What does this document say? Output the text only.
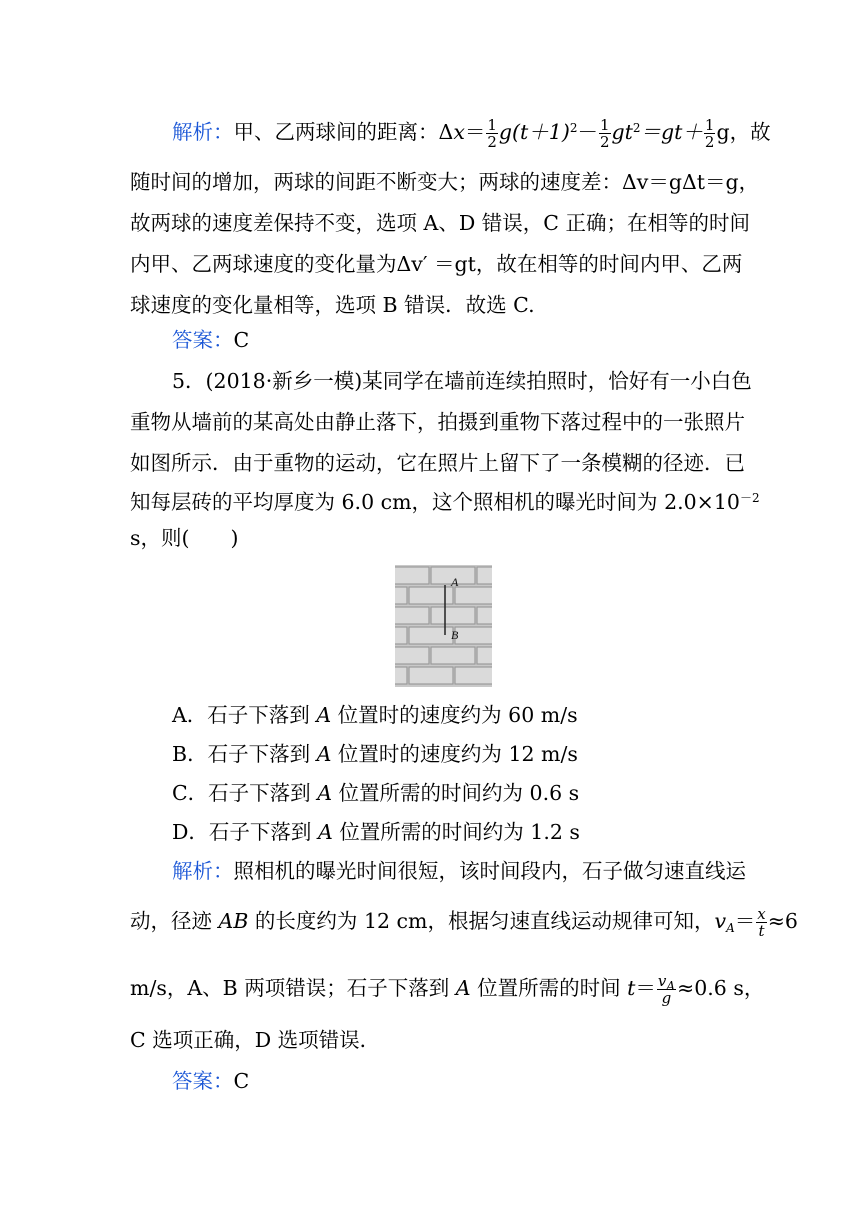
解析：甲、乙两球间的距离：$\Delta x= \frac{1}{2} g(t+1)^2- \frac{1}{2} gt^2=gt+ \frac{1}{2}$ g，故
随时间的增加，两球的间距不断变大；两球的速度差：Δv＝gΔt＝g，
故两球的速度差保持不变，选项 A、D 错误，C 正确；在相等的时间
内甲、乙两球速度的变化量为Δv′ ＝gt，故在相等的时间内甲、乙两
球速度的变化量相等，选项 B 错误．故选 C.
答案：C
5．(2018·新乡一模)某同学在墙前连续拍照时，恰好有一小白色
重物从墙前的某高处由静止落下，拍摄到重物下落过程中的一张照片
如图所示．由于重物的运动，它在照片上留下了一条模糊的径迹．已
知每层砖的平均厚度为 6.0 cm，这个照相机的曝光时间为 $2.0\times 10^{-2}$
s，则(　　)
A
B
A．石子下落到 A 位置时的速度约为 60 m/s
B．石子下落到 A 位置时的速度约为 12 m/s
C．石子下落到 A 位置所需的时间约为 0.6 s
D．石子下落到 A 位置所需的时间约为 1.2 s
解析：照相机的曝光时间很短，该时间段内，石子做匀速直线运
动，径迹 AB 的长度约为 12 cm，根据匀速直线运动规律可知，$v_A= \frac{x}{t} \approx 6$
m/s，A、B 两项错误；石子下落到 A 位置所需的时间 $t= \frac{v_A}{g} \approx 0.6$ s，
C 选项正确，D 选项错误．
答案：C
